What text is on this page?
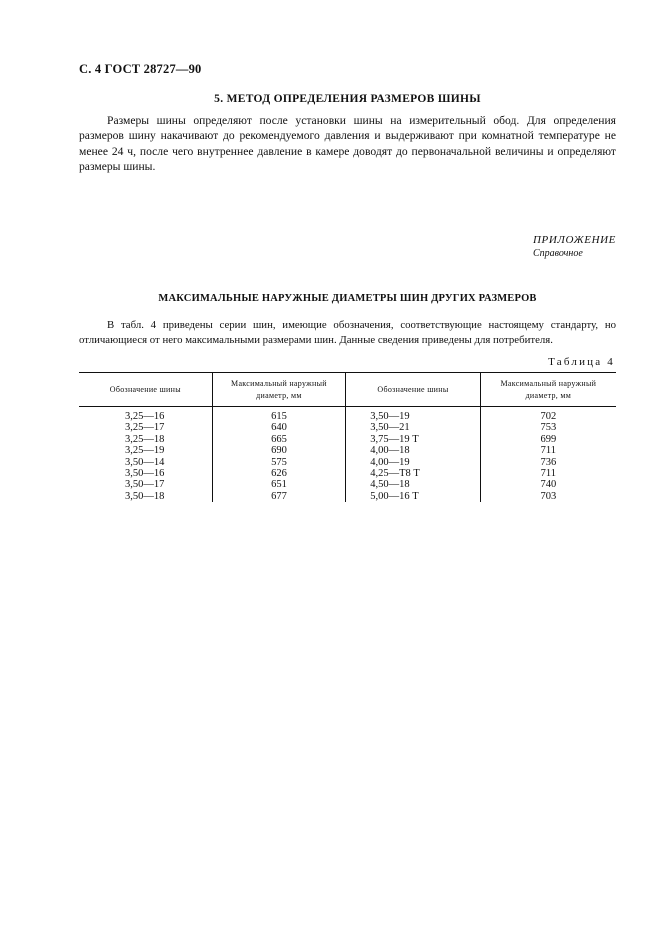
С. 4 ГОСТ 28727—90
5. МЕТОД ОПРЕДЕЛЕНИЯ РАЗМЕРОВ ШИНЫ

Размеры шины определяют после установки шины на измерительный обод. Для определения размеров шину накачивают до рекомендуемого давления и выдерживают при комнатной температуре не менее 24 ч, после чего внутреннее давление в камере доводят до первоначальной величины и определяют размеры шины.

ПРИЛОЖЕНИЕ
Справочное
МАКСИМАЛЬНЫЕ НАРУЖНЫЕ ДИАМЕТРЫ ШИН ДРУГИХ РАЗМЕРОВ

В табл. 4 приведены серии шин, имеющие обозначения, соответствующие настоящему стандарту, но отличающиеся от него максимальными размерами шин. Данные сведения приведены для потребителя.

Таблица 4
Обозначение шины	Максимальный наружный диаметр, мм	Обозначение шины	Максимальный наружный диаметр, мм
3,25—16	615	3,50—19	702
3,25—17	640	3,50—21	753
3,25—18	665	3,75—19 Т	699
3,25—19	690	4,00—18	711
3,50—14	575	4,00—19	736
3,50—16	626	4,25—Т8 Т	711
3,50—17	651	4,50—18	740
3,50—18	677	5,00—16 Т	703
